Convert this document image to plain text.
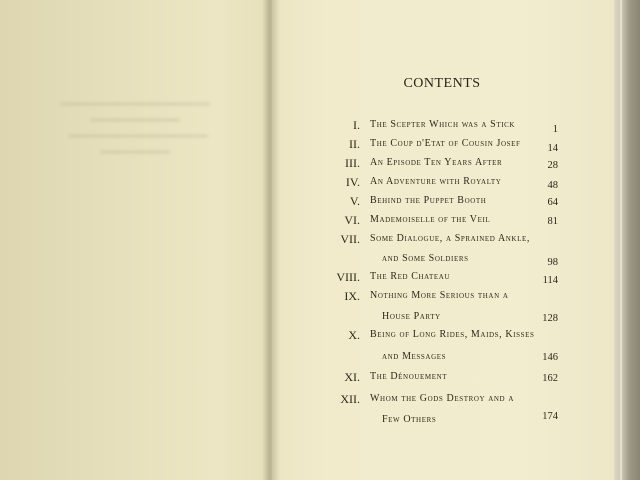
CONTENTS
I. The Scepter Which was a Stick	1
II. The Coup d'Etat of Cousin Josef	14
III. An Episode Ten Years After	28
IV. An Adventure with Royalty	48
V. Behind the Puppet Booth	64
VI. Mademoiselle of the Veil	81
VII. Some Dialogue, a Sprained Ankle,
and Some Soldiers	98
VIII. The Red Chateau	114
IX. Nothing More Serious than a
House Party	128
X. Being of Long Rides, Maids, Kisses
and Messages	146
XI. The Dénouement	162
XII. Whom the Gods Destroy and a
Few Others	174
